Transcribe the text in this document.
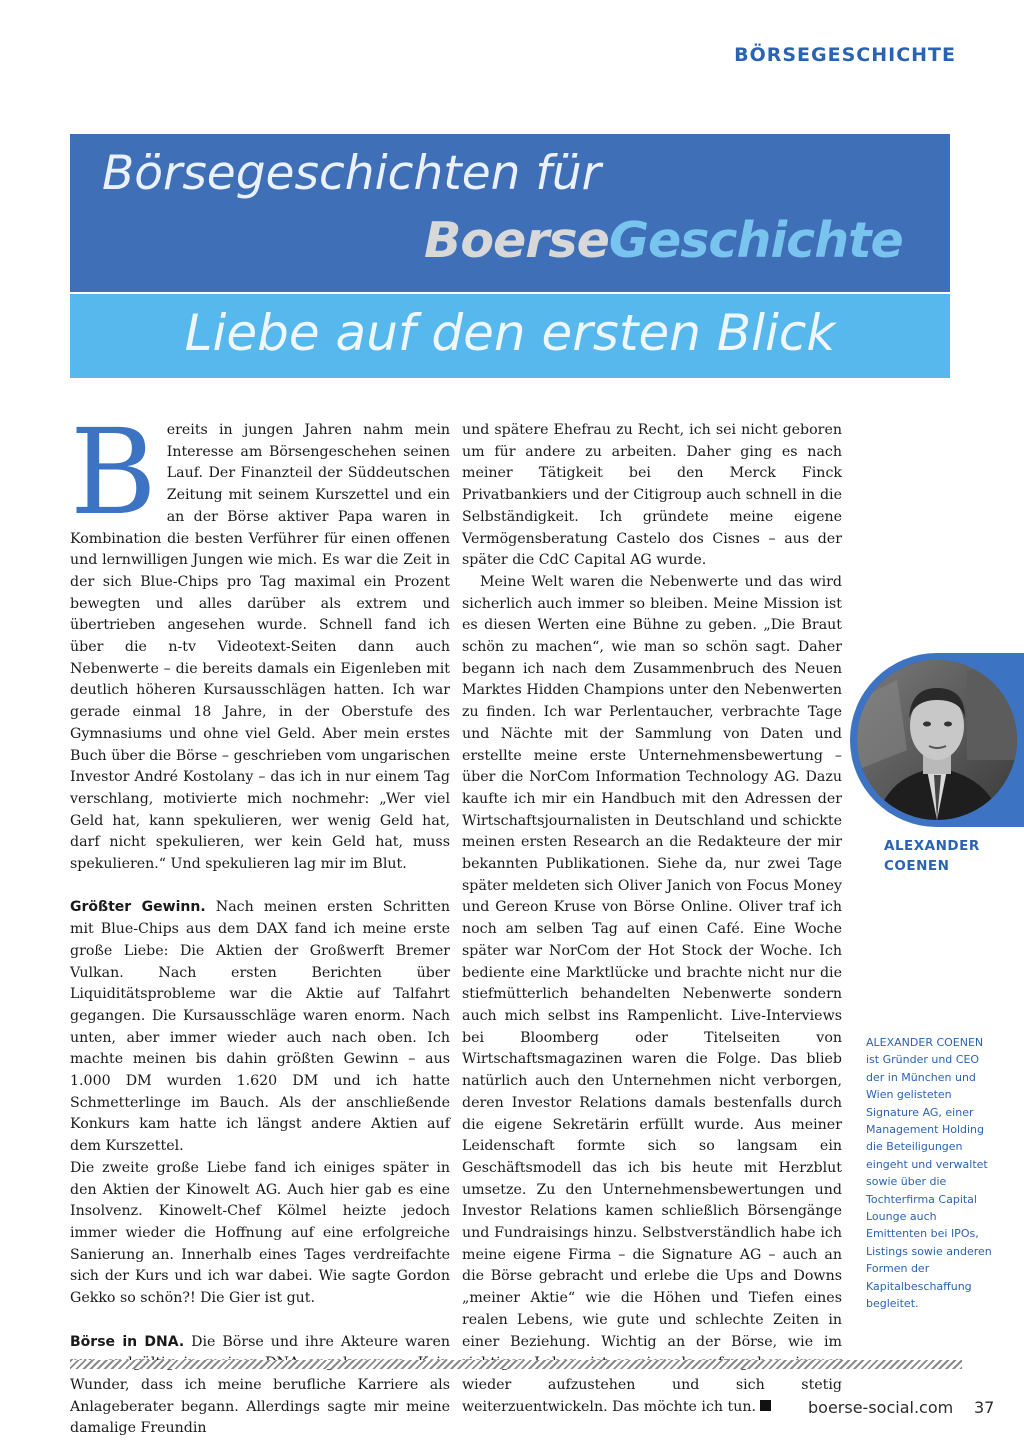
BÖRSEGESCHICHTE
Börsegeschichten für
BoerseGeschichte
Liebe auf den ersten Blick
B ereits in jungen Jahren nahm mein Interesse am Börsengeschehen seinen Lauf. Der Finanzteil der Süddeutschen Zeitung mit seinem Kurszettel und ein an der Börse aktiver Papa waren in Kombination die besten Verführer für einen offenen und lernwilligen Jungen wie mich. Es war die Zeit in der sich Blue-Chips pro Tag maximal ein Prozent bewegten und alles darüber als extrem und übertrieben angesehen wurde. Schnell fand ich über die n-tv Videotext-Seiten dann auch Nebenwerte – die bereits damals ein Eigenleben mit deutlich höheren Kursausschlägen hatten. Ich war gerade einmal 18 Jahre, in der Oberstufe des Gymnasiums und ohne viel Geld. Aber mein erstes Buch über die Börse – geschrieben vom ungarischen Investor André Kostolany – das ich in nur einem Tag verschlang, motivierte mich nochmehr: „Wer viel Geld hat, kann spekulieren, wer wenig Geld hat, darf nicht spekulieren, wer kein Geld hat, muss spekulieren.“ Und spekulieren lag mir im Blut.

Größter Gewinn. Nach meinen ersten Schritten mit Blue-Chips aus dem DAX fand ich meine erste große Liebe: Die Aktien der Großwerft Bremer Vulkan. Nach ersten Berichten über Liquiditätsprobleme war die Aktie auf Talfahrt gegangen. Die Kursausschläge waren enorm. Nach unten, aber immer wieder auch nach oben. Ich machte meinen bis dahin größten Gewinn – aus 1.000 DM wurden 1.620 DM und ich hatte Schmetterlinge im Bauch. Als der anschließende Konkurs kam hatte ich längst andere Aktien auf dem Kurszettel.

Die zweite große Liebe fand ich einiges später in den Aktien der Kinowelt AG. Auch hier gab es eine Insolvenz. Kinowelt-Chef Kölmel heizte jedoch immer wieder die Hoffnung auf eine erfolgreiche Sanierung an. Innerhalb eines Tages verdreifachte sich der Kurs und ich war dabei. Wie sagte Gordon Gekko so schön?! Die Gier ist gut.

Börse in DNA. Die Börse und ihre Akteure waren Wunder, dass ich meine berufliche Karriere als Anlageberater begann. Allerdings sagte mir meine damalige Freundin

und spätere Ehefrau zu Recht, ich sei nicht geboren um für andere zu arbeiten. Daher ging es nach meiner Tätigkeit bei den Merck Finck Privatbankiers und der Citigroup auch schnell in die Selbständigkeit. Ich gründete meine eigene Vermögensberatung Castelo dos Cisnes – aus der später die CdC Capital AG wurde.

Meine Welt waren die Nebenwerte und das wird sicherlich auch immer so bleiben. Meine Mission ist es diesen Werten eine Bühne zu geben. „Die Braut schön zu machen“, wie man so schön sagt. Daher begann ich nach dem Zusammenbruch des Neuen Marktes Hidden Champions unter den Nebenwerten zu finden. Ich war Perlentaucher, verbrachte Tage und Nächte mit der Sammlung von Daten und erstellte meine erste Unternehmensbewertung – über die NorCom Information Technology AG. Dazu kaufte ich mir ein Handbuch mit den Adressen der Wirtschaftsjournalisten in Deutschland und schickte meinen ersten Research an die Redakteure der mir bekannten Publikationen. Siehe da, nur zwei Tage später meldeten sich Oliver Janich von Focus Money und Gereon Kruse von Börse Online. Oliver traf ich noch am selben Tag auf einen Café. Eine Woche später war NorCom der Hot Stock der Woche. Ich bediente eine Marktlücke und brachte nicht nur die stiefmütterlich behandelten Nebenwerte sondern auch mich selbst ins Rampenlicht. Live-Interviews bei Bloomberg oder Titelseiten von Wirtschaftsmagazinen waren die Folge. Das blieb natürlich auch den Unternehmen nicht verborgen, deren Investor Relations damals bestenfalls durch die eigene Sekretärin erfüllt wurde. Aus meiner Leidenschaft formte sich so langsam ein Geschäftsmodell das ich bis heute mit Herzblut umsetze. Zu den Unternehmensbewertungen und Investor Relations kamen schließlich Börsengänge und Fundraisings hinzu. Selbstverständlich habe ich meine eigene Firma – die Signature AG – auch an die Börse gebracht und erlebe die Ups and Downs „meiner Aktie“ wie die Höhen und Tiefen eines realen Lebens, wie gute und schlechte Zeiten in einer Beziehung. Wichtig an der Börse, wie im wieder aufzustehen und sich stetig weiterzuentwickeln. Das möchte ich tun.

ALEXANDER
COENEN
ALEXANDER COENEN ist Gründer und CEO der in München und Wien gelisteten Signature AG, einer Management Holding die Beteiligungen eingeht und verwaltet sowie über die Tochterfirma Capital Lounge auch Emittenten bei IPOs, Listings sowie anderen Formen der Kapitalbeschaffung begleitet.
boerse-social.com 37
